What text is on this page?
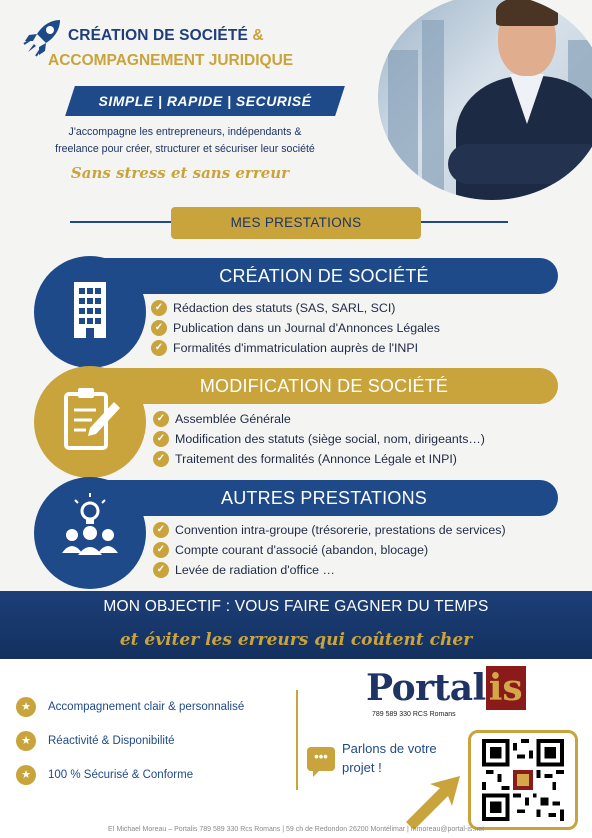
CRÉATION DE SOCIÉTÉ &
ACCOMPAGNEMENT JURIDIQUE
SIMPLE | RAPIDE | SECURISÉ
J'accompagne les entrepreneurs, indépendants &
freelance pour créer, structurer et sécuriser leur société
Sans stress et sans erreur
MES PRESTATIONS
CRÉATION DE SOCIÉTÉ
✓ Rédaction des statuts (SAS, SARL, SCI)
✓ Publication dans un Journal d'Annonces Légales
✓ Formalités d'immatriculation auprès de l'INPI
MODIFICATION DE SOCIÉTÉ
✓ Assemblée Générale
✓ Modification des statuts (siège social, nom, dirigeants…)
✓ Traitement des formalités (Annonce Légale et INPI)
AUTRES PRESTATIONS
✓ Convention intra-groupe (trésorerie, prestations de services)
✓ Compte courant d'associé (abandon, blocage)
✓ Levée de radiation d'office …
MON OBJECTIF : VOUS FAIRE GAGNER DU TEMPS
et éviter les erreurs qui coûtent cher
★	Accompagnement clair & personnalisé
★	Réactivité & Disponibilité
★	100 % Sécurisé & Conforme
Portal is
789 589 330 RCS Romans
•••
Parlons de votre
projet !
EI Michael Moreau – Portalis 789 589 330 Rcs Romans | 59 ch de Redondon 26200 Montélimar | mmoreau@portal-is.net
